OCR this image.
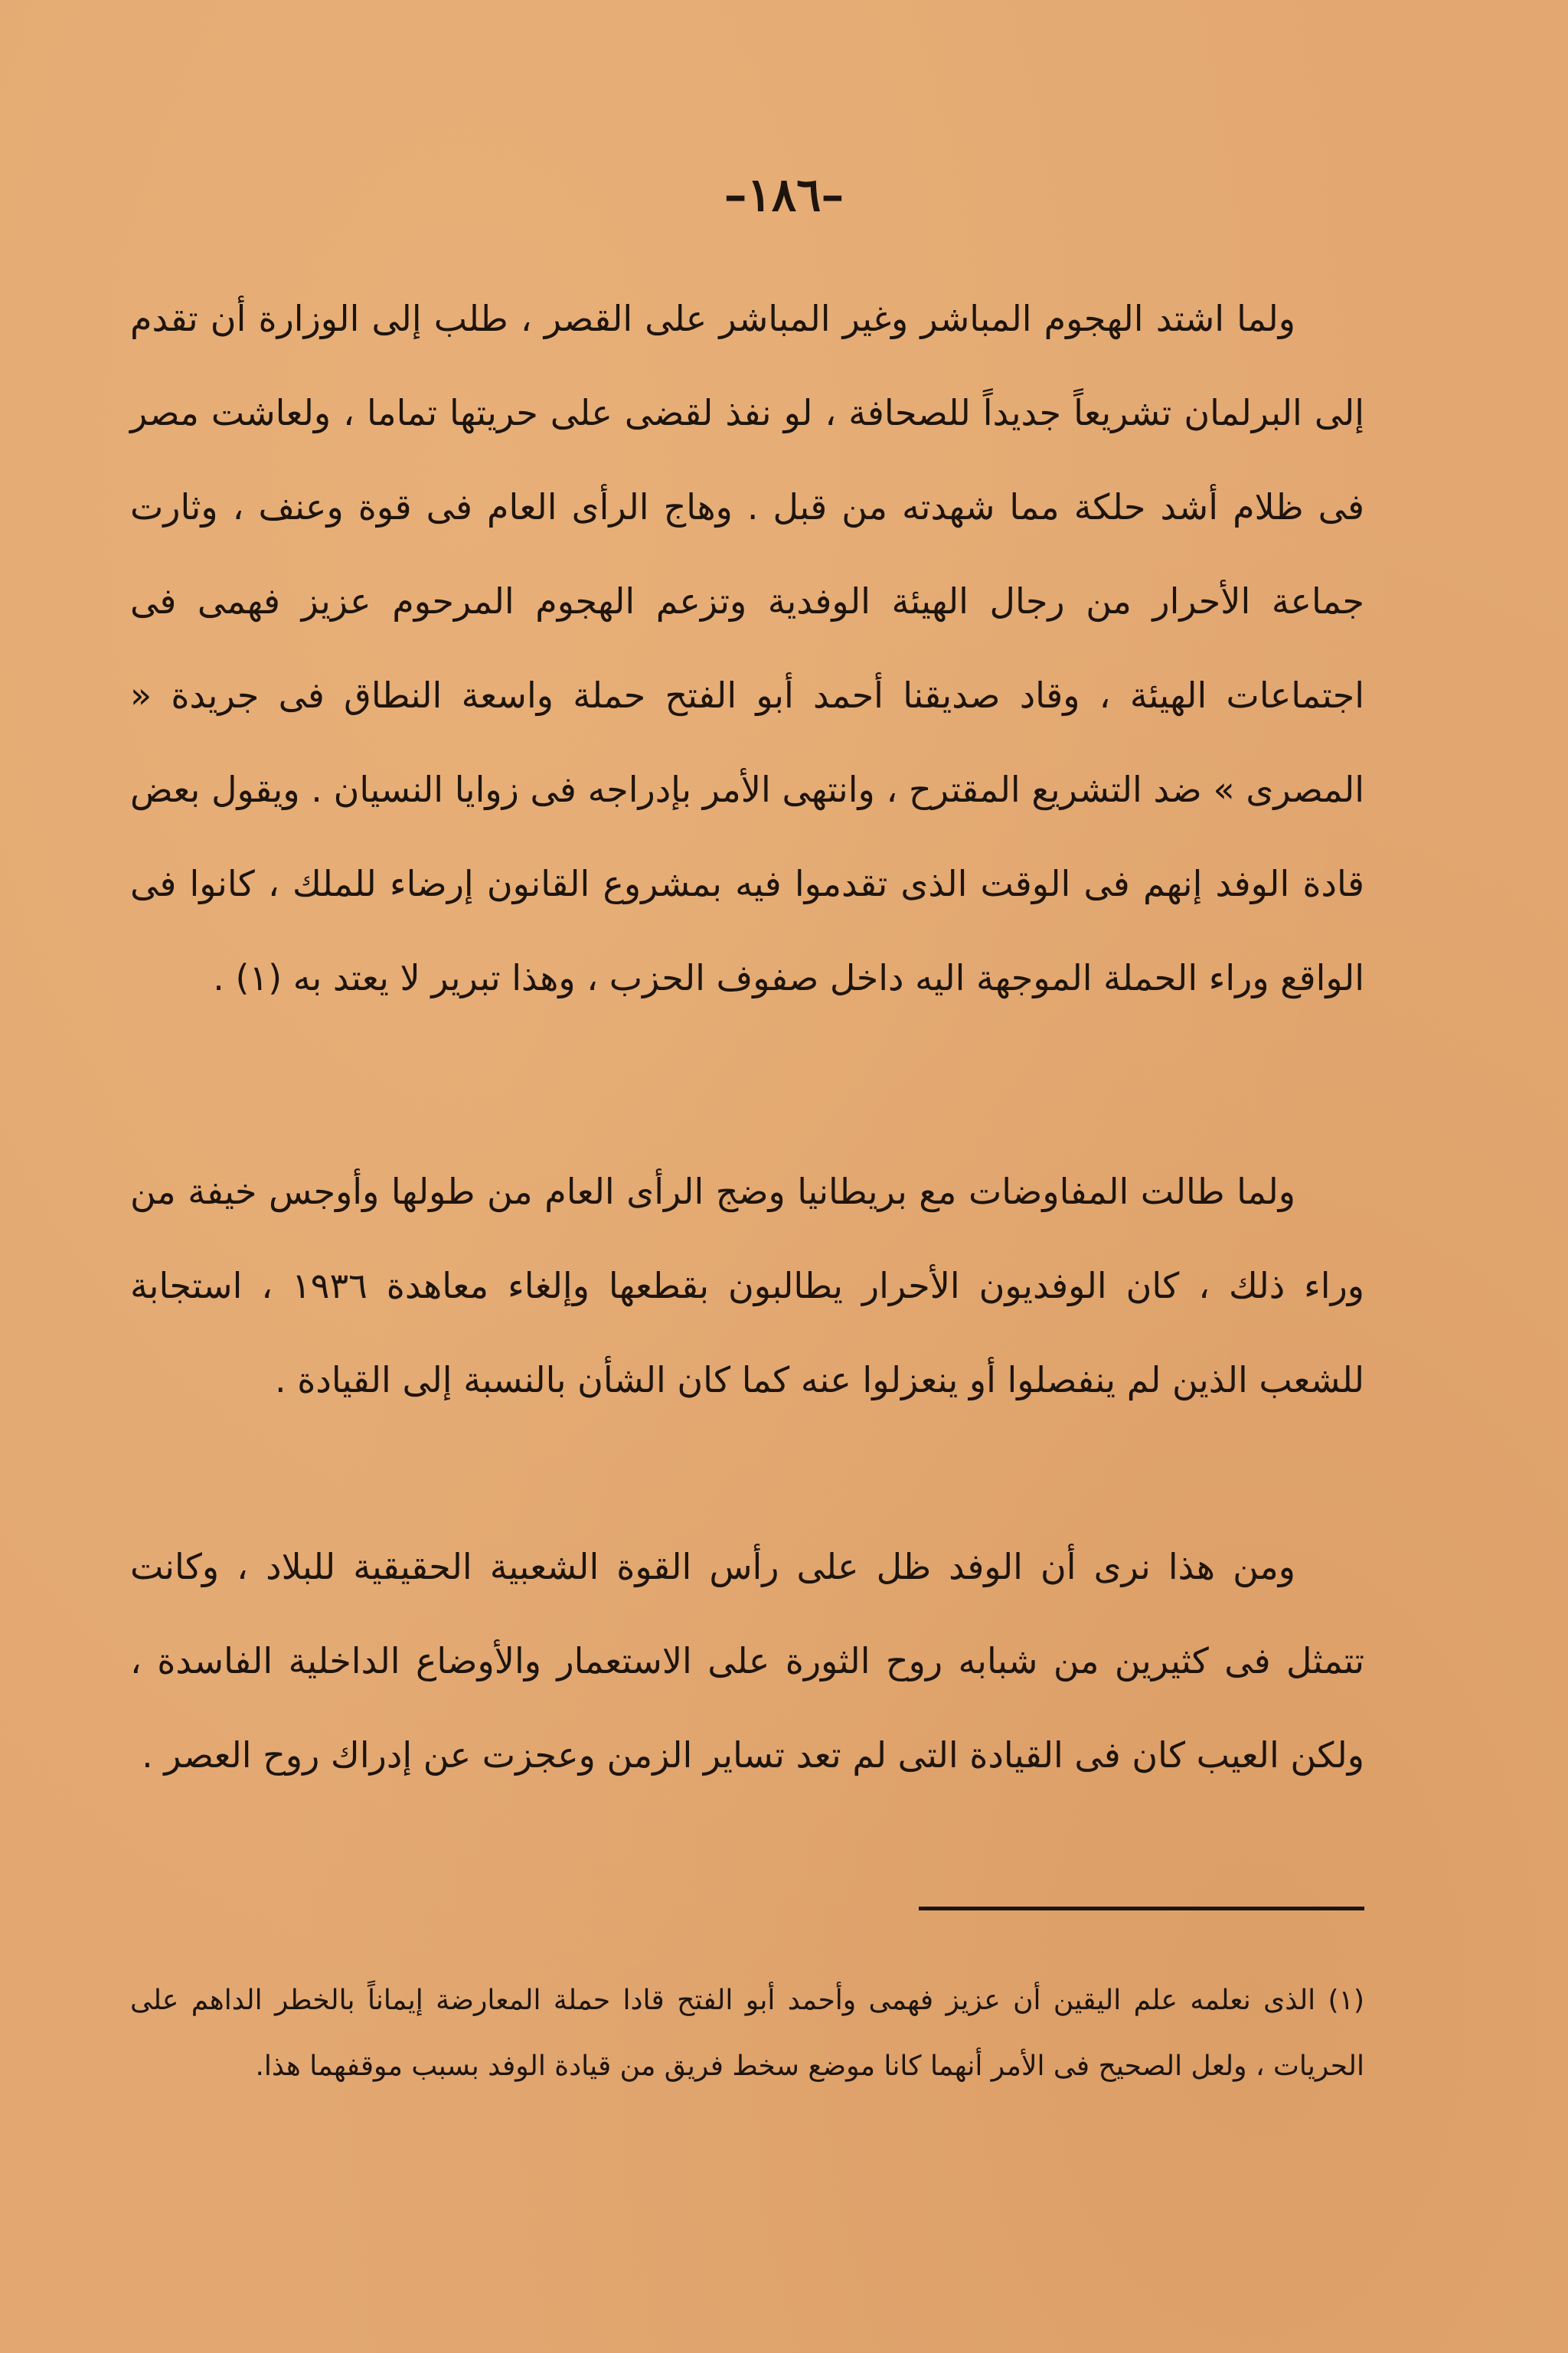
–١٨٦–

ولما اشتد الهجوم المباشر وغير المباشر على القصر ، طلب إلى الوزارة أن تقدم إلى البرلمان تشريعاً جديداً للصحافة ، لو نفذ لقضى على حريتها تماما ، ولعاشت مصر فى ظلام أشد حلكة مما شهدته من قبل . وهاج الرأى العام فى قوة وعنف ، وثارت جماعة الأحرار من رجال الهيئة الوفدية وتزعم الهجوم المرحوم عزيز فهمى فى اجتماعات الهيئة ، وقاد صديقنا أحمد أبو الفتح حملة واسعة النطاق فى جريدة « المصرى » ضد التشريع المقترح ، وانتهى الأمر بإدراجه فى زوايا النسيان . ويقول بعض قادة الوفد إنهم فى الوقت الذى تقدموا فيه بمشروع القانون إرضاء للملك ، كانوا فى الواقع وراء الحملة الموجهة اليه داخل صفوف الحزب ، وهذا تبرير لا يعتد به (١) .

ولما طالت المفاوضات مع بريطانيا وضج الرأى العام من طولها وأوجس خيفة من وراء ذلك ، كان الوفديون الأحرار يطالبون بقطعها وإلغاء معاهدة ١٩٣٦ ، استجابة للشعب الذين لم ينفصلوا أو ينعزلوا عنه كما كان الشأن بالنسبة إلى القيادة .

ومن هذا نرى أن الوفد ظل على رأس القوة الشعبية الحقيقية للبلاد ، وكانت تتمثل فى كثيرين من شبابه روح الثورة على الاستعمار والأوضاع الداخلية الفاسدة ، ولكن العيب كان فى القيادة التى لم تعد تساير الزمن وعجزت عن إدراك روح العصر .

(١) الذى نعلمه علم اليقين أن عزيز فهمى وأحمد أبو الفتح قادا حملة المعارضة إيماناً بالخطر الداهم على الحريات ، ولعل الصحيح فى الأمر أنهما كانا موضع سخط فريق من قيادة الوفد بسبب موقفهما هذا.
